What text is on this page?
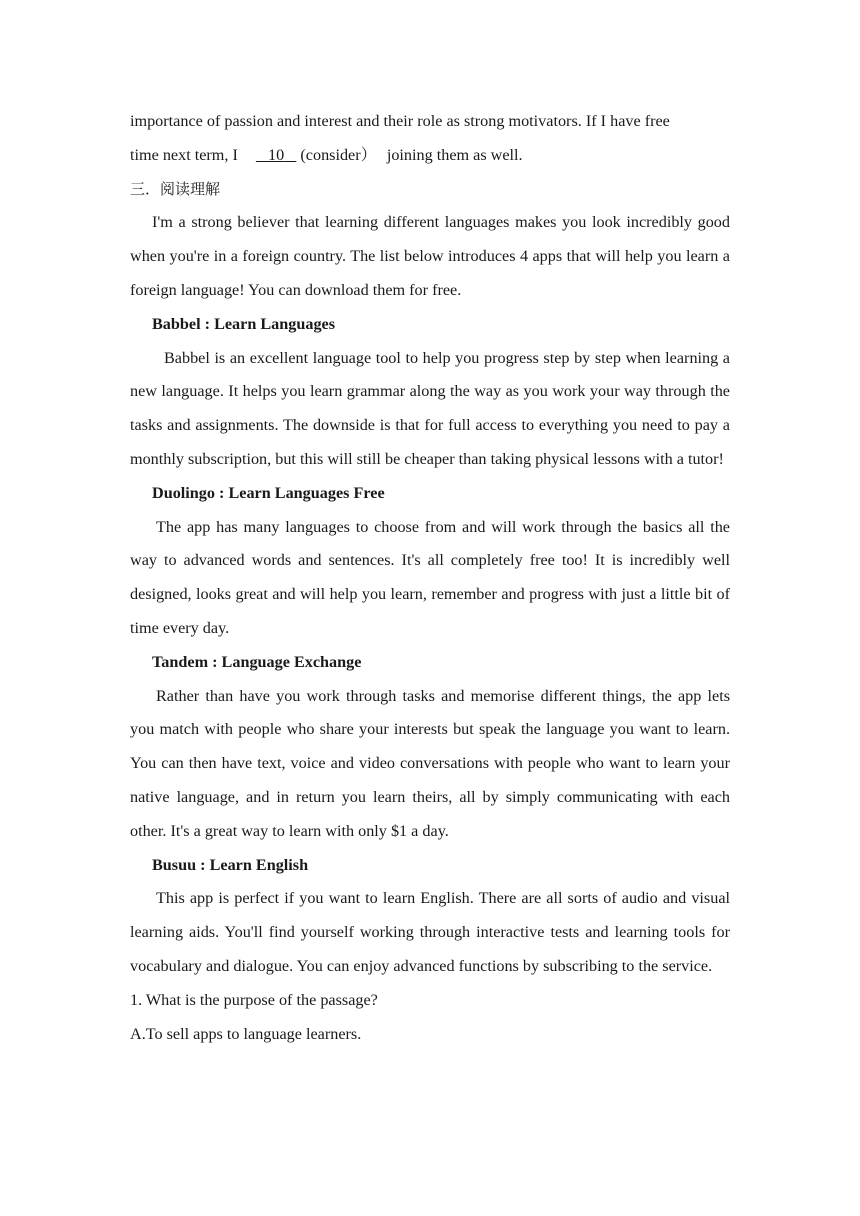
importance of passion and interest and their role as strong motivators. If I have free

time next term, I 10 (consider） joining them as well.

三．阅读理解

I'm a strong believer that learning different languages makes you look incredibly good when you're in a foreign country. The list below introduces 4 apps that will help you learn a foreign language! You can download them for free.

Babbel : Learn Languages

Babbel is an excellent language tool to help you progress step by step when learning a new language. It helps you learn grammar along the way as you work your way through the tasks and assignments. The downside is that for full access to everything you need to pay a monthly subscription, but this will still be cheaper than taking physical lessons with a tutor!

Duolingo : Learn Languages Free

The app has many languages to choose from and will work through the basics all the way to advanced words and sentences. It's all completely free too! It is incredibly well designed, looks great and will help you learn, remember and progress with just a little bit of time every day.

Tandem : Language Exchange

Rather than have you work through tasks and memorise different things, the app lets you match with people who share your interests but speak the language you want to learn. You can then have text, voice and video conversations with people who want to learn your native language, and in return you learn theirs, all by simply communicating with each other. It's a great way to learn with only $1 a day.

Busuu : Learn English

This app is perfect if you want to learn English. There are all sorts of audio and visual learning aids. You'll find yourself working through interactive tests and learning tools for vocabulary and dialogue. You can enjoy advanced functions by subscribing to the service.

1. What is the purpose of the passage?

A.To sell apps to language learners.
